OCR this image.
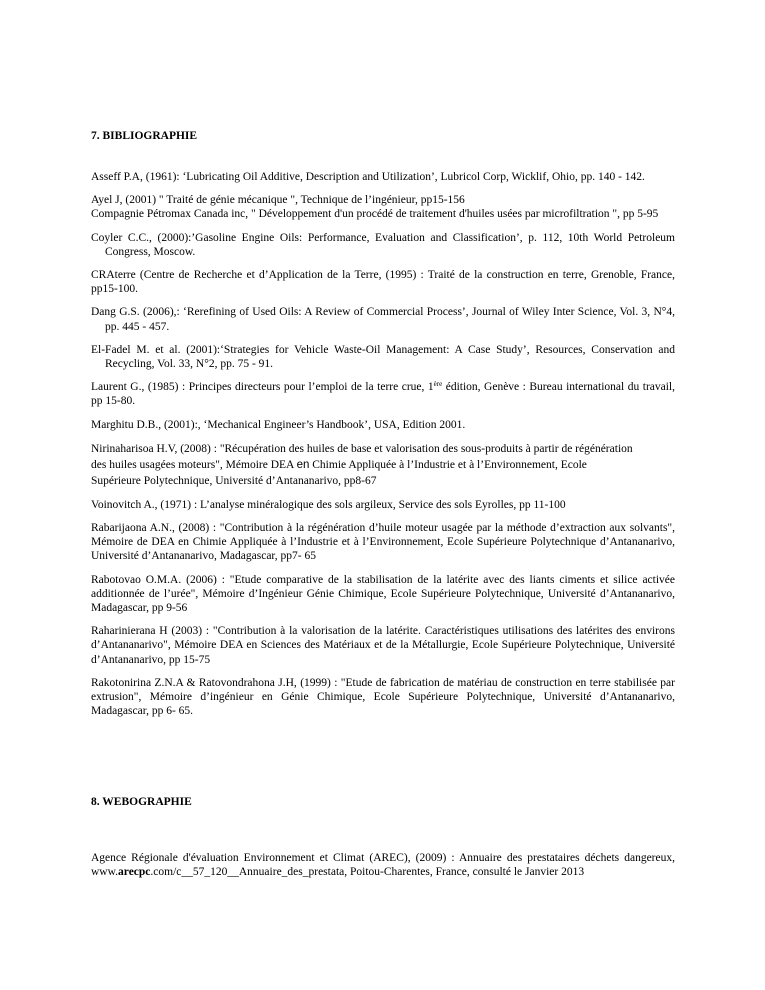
7. BIBLIOGRAPHIE

Asseff P.A, (1961): ‘Lubricating Oil Additive, Description and Utilization’, Lubricol Corp, Wicklif, Ohio, pp. 140 - 142.

Ayel J, (2001) " Traité de génie mécanique ", Technique de l’ingénieur, pp15-156

Compagnie Pétromax Canada inc, " Développement d'un procédé de traitement d'huiles usées par microfiltration ", pp 5-95

Coyler C.C., (2000):’Gasoline Engine Oils: Performance, Evaluation and Classification’, p. 112, 10th World Petroleum Congress, Moscow.

CRAterre (Centre de Recherche et d’Application de la Terre, (1995) : Traité de la construction en terre, Grenoble, France, pp15-100.

Dang G.S. (2006),: ‘Rerefining of Used Oils: A Review of Commercial Process’, Journal of Wiley Inter Science, Vol. 3, N°4, pp. 445 - 457.

El-Fadel M. et al. (2001):‘Strategies for Vehicle Waste-Oil Management: A Case Study’, Resources, Conservation and Recycling, Vol. 33, N°2, pp. 75 - 91.

Laurent G., (1985) : Principes directeurs pour l’emploi de la terre crue, 1ère édition, Genève : Bureau international du travail, pp 15-80.

Marghitu D.B., (2001):, ‘Mechanical Engineer’s Handbook’, USA, Edition 2001.

Nirinaharisoa H.V, (2008) : "Récupération des huiles de base et valorisation des sous-produits à partir de régénération
des huiles usagées moteurs", Mémoire DEA en Chimie Appliquée à l’Industrie et à l’Environnement, Ecole
Supérieure Polytechnique, Université d’Antananarivo, pp8-67

Voinovitch A., (1971) : L’analyse minéralogique des sols argileux, Service des sols Eyrolles, pp 11-100

Rabarijaona A.N., (2008) : "Contribution à la régénération d’huile moteur usagée par la méthode d’extraction aux solvants", Mémoire de DEA en Chimie Appliquée à l’Industrie et à l’Environnement, Ecole Supérieure Polytechnique d’Antananarivo, Université d’Antananarivo, Madagascar, pp7- 65

Rabotovao O.M.A. (2006) : "Etude comparative de la stabilisation de la latérite avec des liants ciments et silice activée additionnée de l’urée", Mémoire d’Ingénieur Génie Chimique, Ecole Supérieure Polytechnique, Université d’Antananarivo, Madagascar, pp 9-56

Raharinierana H (2003) : "Contribution à la valorisation de la latérite. Caractéristiques utilisations des latérites des environs d’Antananarivo", Mémoire DEA en Sciences des Matériaux et de la Métallurgie, Ecole Supérieure Polytechnique, Université d’Antananarivo, pp 15-75

Rakotonirina Z.N.A & Ratovondrahona J.H, (1999) : "Etude de fabrication de matériau de construction en terre stabilisée par extrusion", Mémoire d’ingénieur en Génie Chimique, Ecole Supérieure Polytechnique, Université d’Antananarivo, Madagascar, pp 6- 65.

8. WEBOGRAPHIE

Agence Régionale d'évaluation Environnement et Climat (AREC), (2009) : Annuaire des prestataires déchets dangereux, www.arecpc.com/c__57_120__Annuaire_des_prestata, Poitou-Charentes, France, consulté le Janvier 2013
